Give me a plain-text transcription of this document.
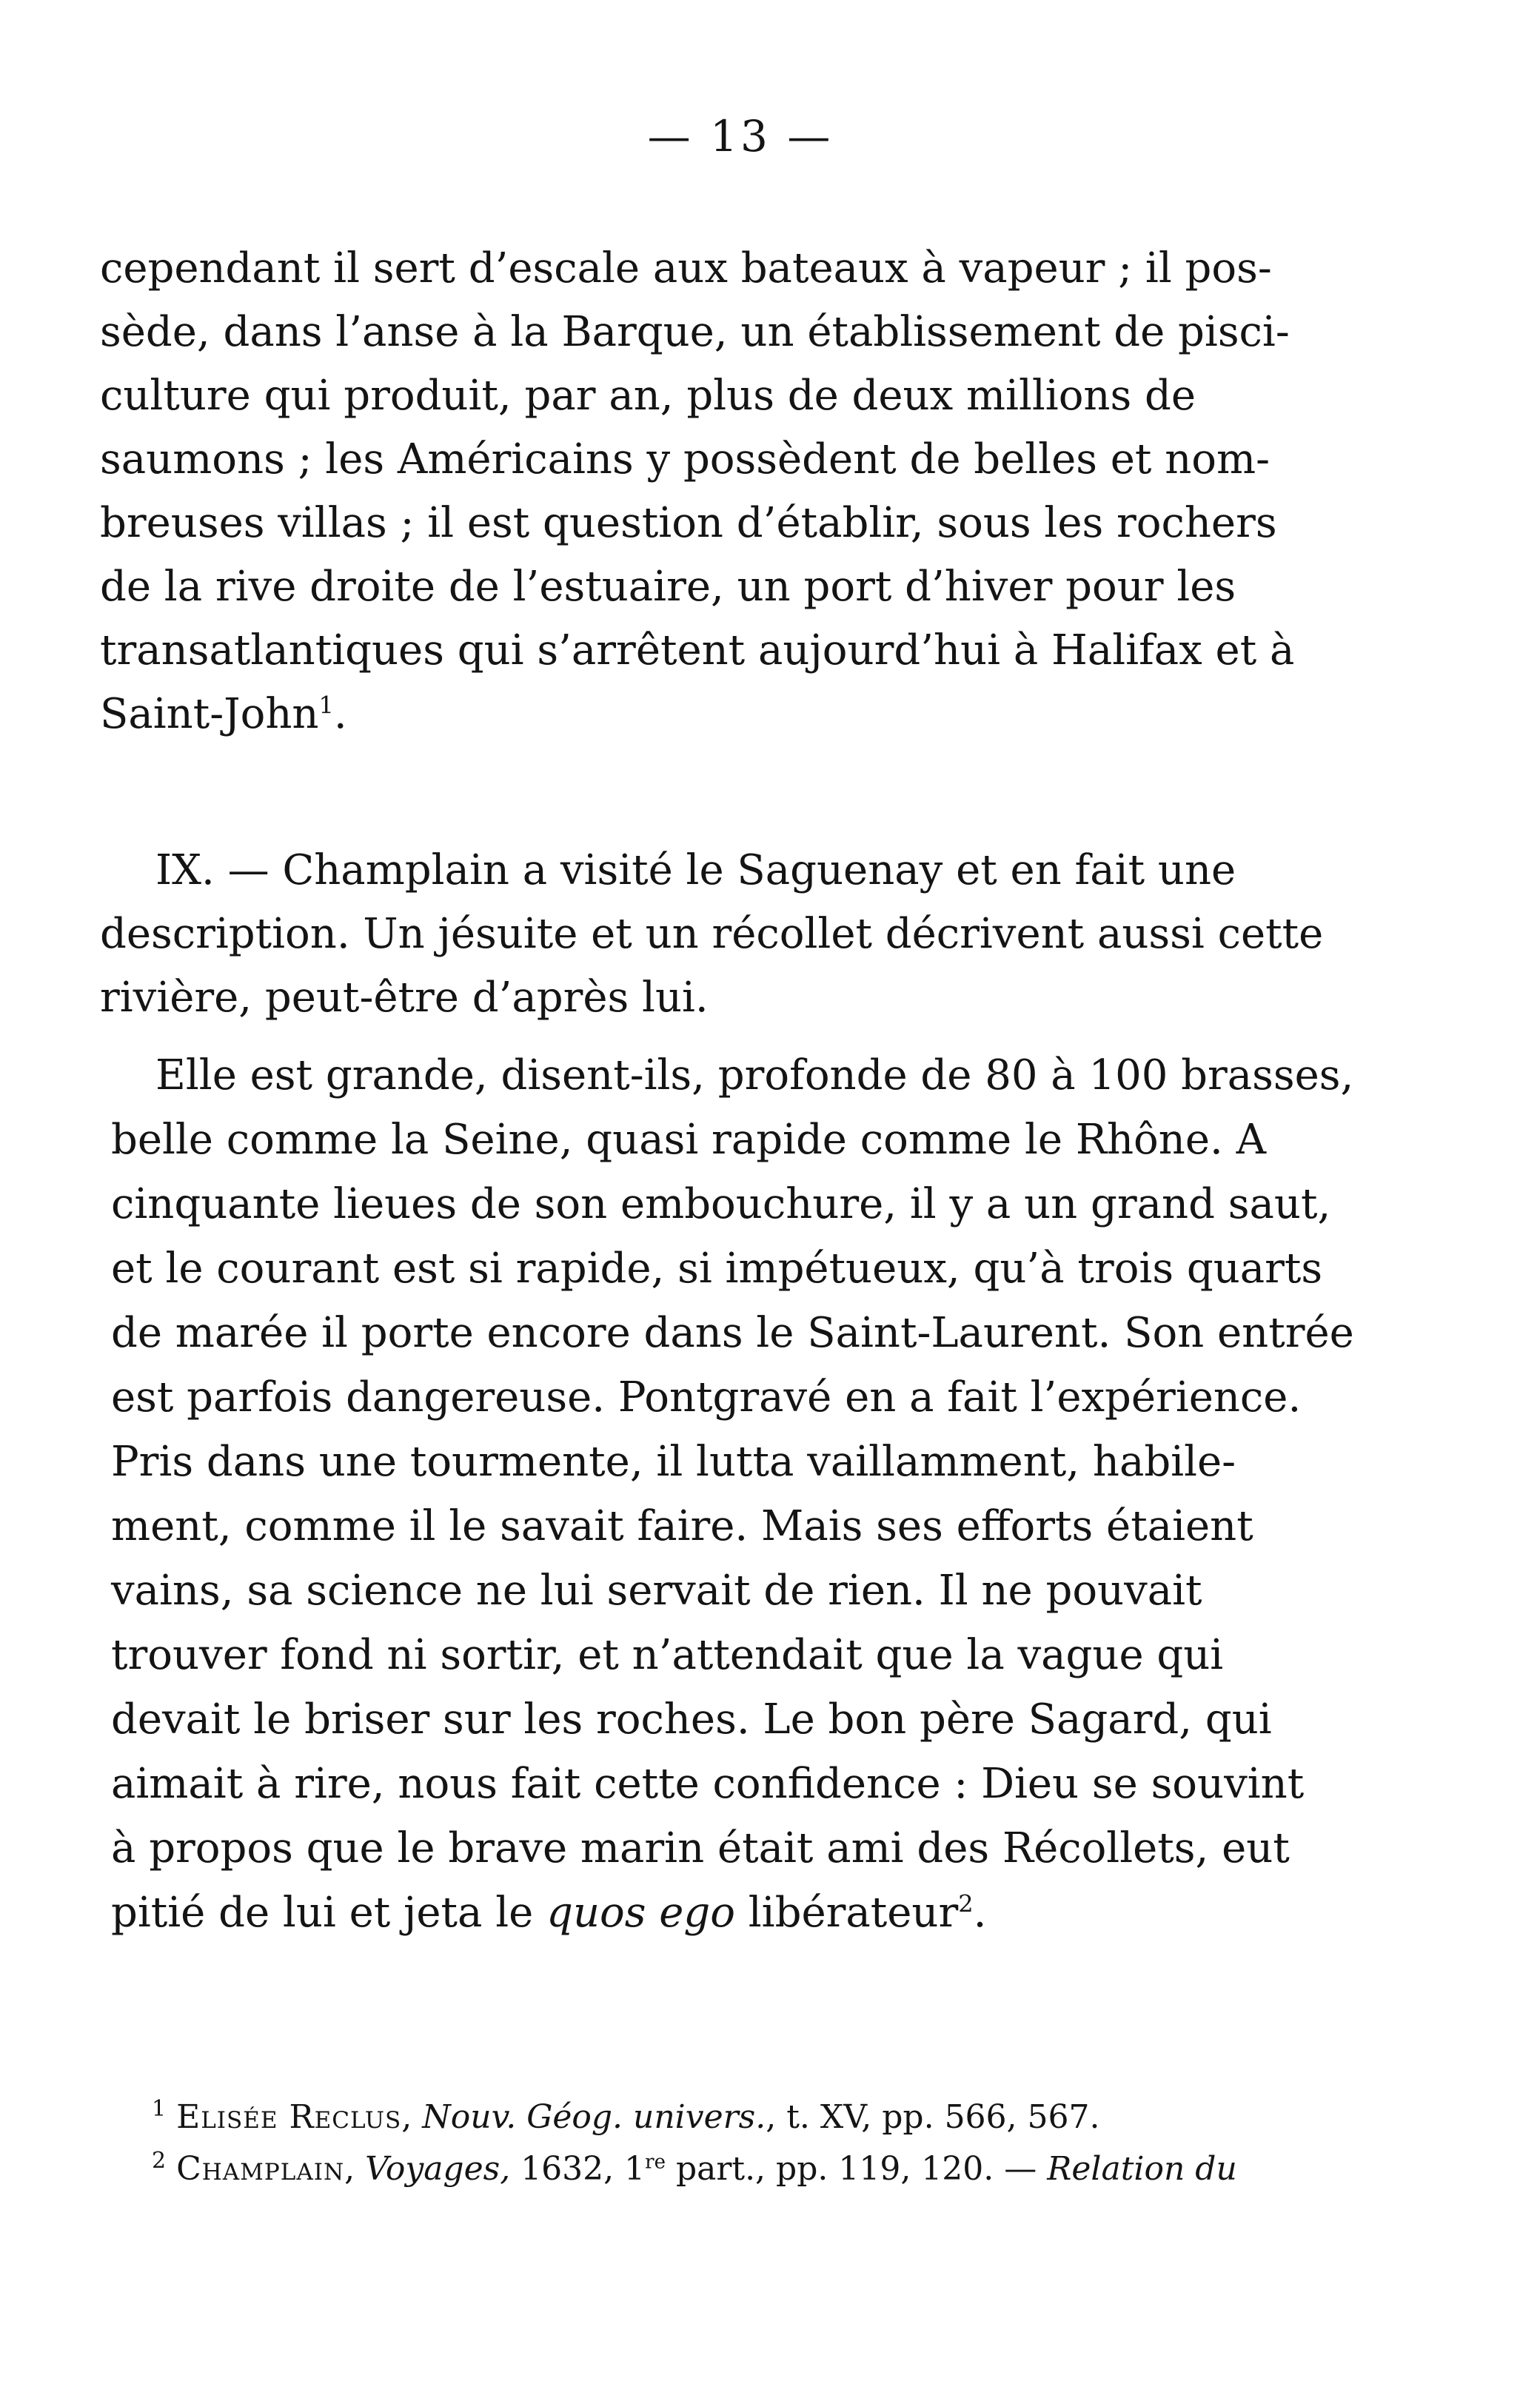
— 13 —
cependant il sert d’escale aux bateaux à vapeur ; il pos-
sède, dans l’anse à la Barque, un établissement de pisci-
culture qui produit, par an, plus de deux millions de
saumons ; les Américains y possèdent de belles et nom-
breuses villas ; il est question d’établir, sous les rochers
de la rive droite de l’estuaire, un port d’hiver pour les
transatlantiques qui s’arrêtent aujourd’hui à Halifax et à
Saint-John$^1$.
IX. — Champlain a visité le Saguenay et en fait une
description. Un jésuite et un récollet décrivent aussi cette
rivière, peut-être d’après lui.
Elle est grande, disent-ils, profonde de 80 à 100 brasses,
belle comme la Seine, quasi rapide comme le Rhône. A
cinquante lieues de son embouchure, il y a un grand saut,
et le courant est si rapide, si impétueux, qu’à trois quarts
de marée il porte encore dans le Saint-Laurent. Son entrée
est parfois dangereuse. Pontgravé en a fait l’expérience.
Pris dans une tourmente, il lutta vaillamment, habile-
ment, comme il le savait faire. Mais ses efforts étaient
vains, sa science ne lui servait de rien. Il ne pouvait
trouver fond ni sortir, et n’attendait que la vague qui
devait le briser sur les roches. Le bon père Sagard, qui
aimait à rire, nous fait cette confidence : Dieu se souvint
à propos que le brave marin était ami des Récollets, eut
pitié de lui et jeta le quos ego libérateur$^2$.
$^1$ Elisée Reclus, Nouv. Géog. univers., t. XV, pp. 566, 567.
$^2$ Champlain, Voyages, 1632, 1re part., pp. 119, 120. — Relation du
